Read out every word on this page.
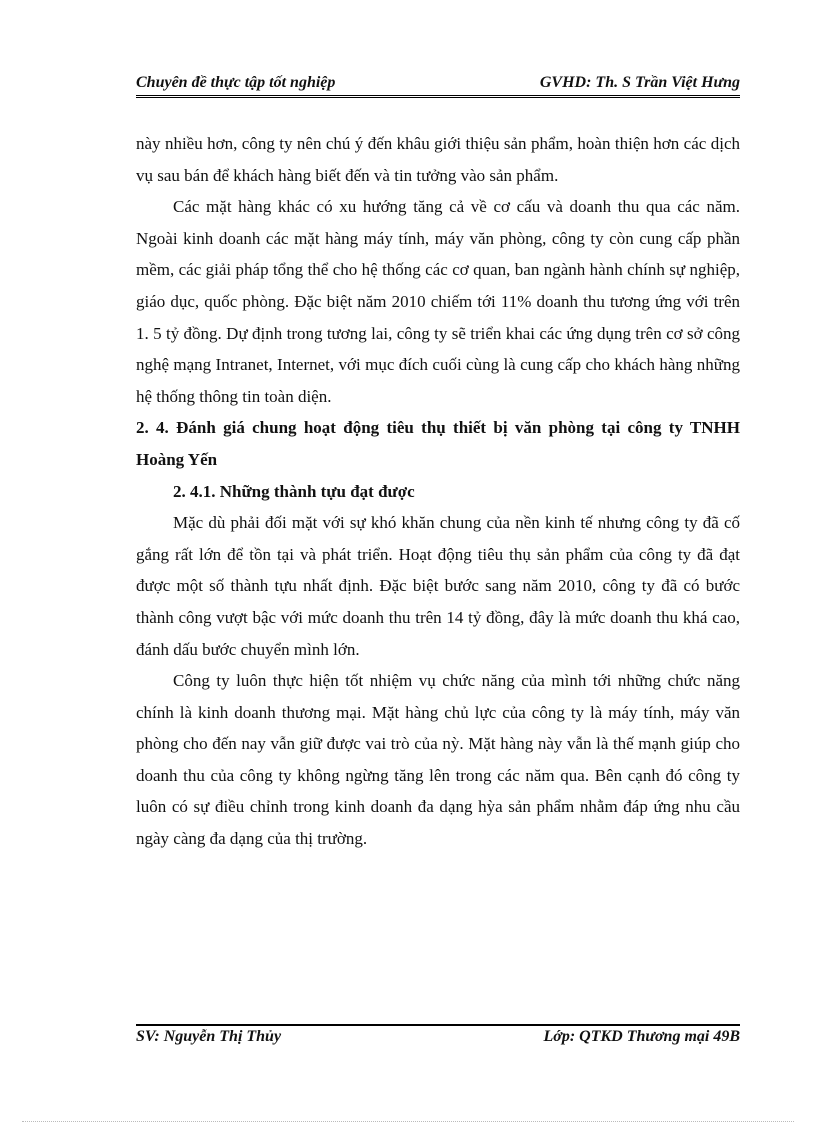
Chuyên đề thực tập tốt nghiệp	GVHD: Th. S Trần Việt Hưng

này nhiều hơn, công ty nên chú ý đến khâu giới thiệu sản phẩm, hoàn thiện hơn các dịch vụ sau bán để khách hàng biết đến và tin tưởng vào sản phẩm.

Các mặt hàng khác có xu hướng tăng cả về cơ cấu và doanh thu qua các năm. Ngoài kinh doanh các mặt hàng máy tính, máy văn phòng, công ty còn cung cấp phần mềm, các giải pháp tổng thể cho hệ thống các cơ quan, ban ngành hành chính sự nghiệp, giáo dục, quốc phòng. Đặc biệt năm 2010 chiếm tới 11% doanh thu tương ứng với trên 1. 5 tỷ đồng. Dự định trong tương lai, công ty sẽ triển khai các ứng dụng trên cơ sở công nghệ mạng Intranet, Internet, với mục đích cuối cùng là cung cấp cho khách hàng những hệ thống thông tin toàn diện.

2. 4. Đánh giá chung hoạt động tiêu thụ thiết bị văn phòng tại công ty TNHH Hoàng Yến

2. 4.1. Những thành tựu đạt được

Mặc dù phải đối mặt với sự khó khăn chung của nền kinh tế nhưng công ty đã cố gắng rất lớn để tồn tại và phát triển. Hoạt động tiêu thụ sản phẩm của công ty đã đạt được một số thành tựu nhất định. Đặc biệt bước sang năm 2010, công ty đã có bước thành công vượt bậc với mức doanh thu trên 14 tỷ đồng, đây là mức doanh thu khá cao, đánh dấu bước chuyển mình lớn.

Công ty luôn thực hiện tốt nhiệm vụ chức năng của mình tới những chức năng chính là kinh doanh thương mại. Mặt hàng chủ lực của công ty là máy tính, máy văn phòng cho đến nay vẫn giữ được vai trò của nỳ. Mặt hàng này vẫn là thế mạnh giúp cho doanh thu của công ty không ngừng tăng lên trong các năm qua. Bên cạnh đó công ty luôn có sự điều chỉnh trong kinh doanh đa dạng hỳa sản phẩm nhằm đáp ứng nhu cầu ngày càng đa dạng của thị trường.

SV: Nguyễn Thị Thủy	Lớp: QTKD Thương mại 49B
